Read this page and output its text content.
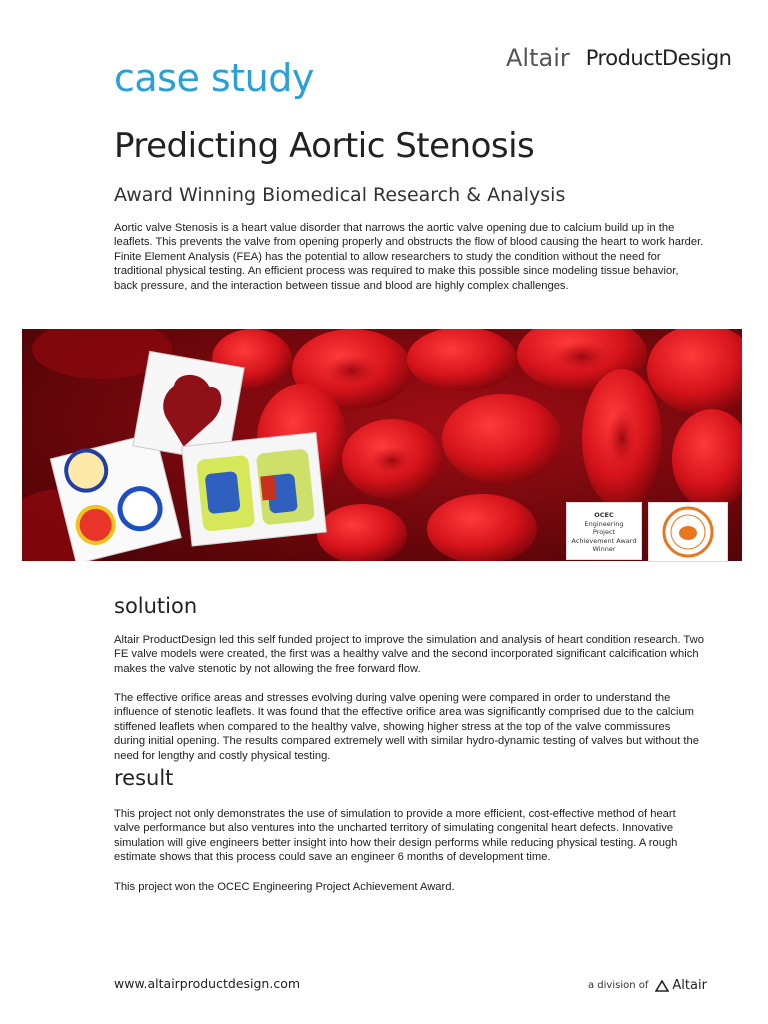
Altair ProductDesign
case study
Predicting Aortic Stenosis
Award Winning Biomedical Research & Analysis

Aortic valve Stenosis is a heart value disorder that narrows the aortic valve opening due to calcium build up in the leaflets. This prevents the valve from opening properly and obstructs the flow of blood causing the heart to work harder. Finite Element Analysis (FEA) has the potential to allow researchers to study the condition without the need for traditional physical testing. An efficient process was required to make this possible since modeling tissue behavior, back pressure, and the interaction between tissue and blood are highly complex challenges.

OCEC
Engineering
Project
Achievement Award
Winner
solution

Altair ProductDesign led this self funded project to improve the simulation and analysis of heart condition research. Two FE valve models were created, the first was a healthy valve and the second incorporated significant calcification which makes the valve stenotic by not allowing the free forward flow.

The effective orifice areas and stresses evolving during valve opening were compared in order to understand the influence of stenotic leaflets. It was found that the effective orifice area was significantly comprised due to the calcium stiffened leaflets when compared to the healthy valve, showing higher stress at the top of the valve commissures during initial opening. The results compared extremely well with similar hydro-dynamic testing of valves but without the need for lengthy and costly physical testing.

result

This project not only demonstrates the use of simulation to provide a more efficient, cost-effective method of heart valve performance but also ventures into the uncharted territory of simulating congenital heart defects. Innovative simulation will give engineers better insight into how their design performs while reducing physical testing. A rough estimate shows that this process could save an engineer 6 months of development time.

This project won the OCEC Engineering Project Achievement Award.

www.altairproductdesign.com	a division of Altair
